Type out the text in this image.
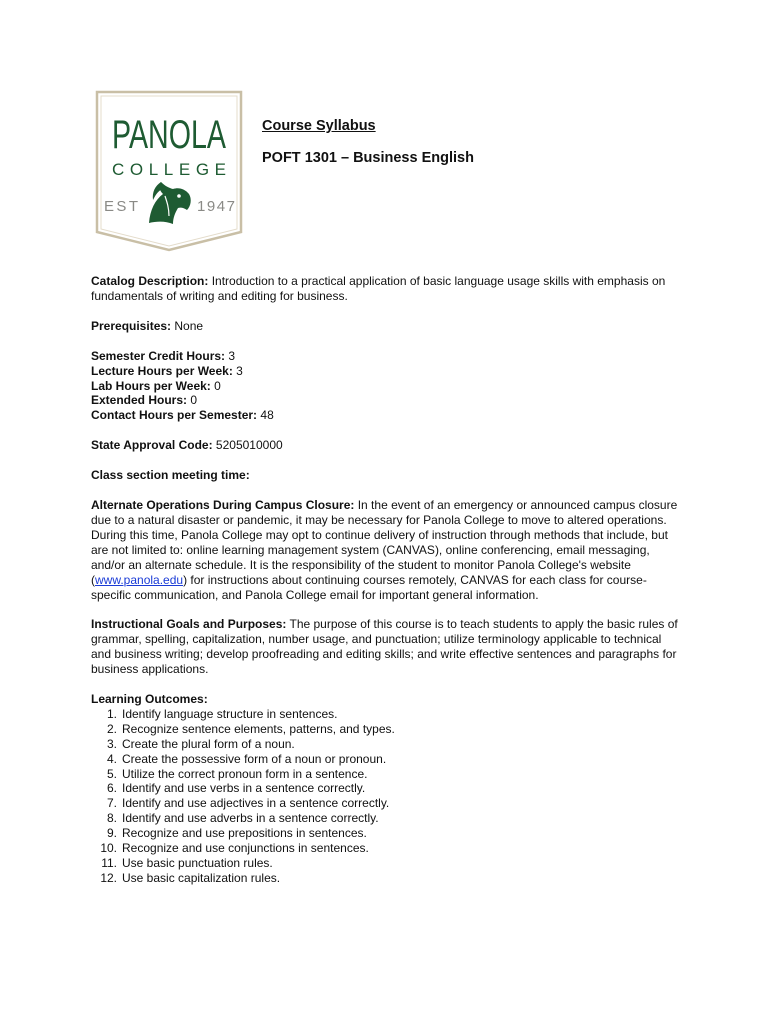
PANOLA
COLLEGE
EST	1947

Course Syllabus

POFT 1301 – Business English

Catalog Description: Introduction to a practical application of basic language usage skills with emphasis on fundamentals of writing and editing for business.

Prerequisites: None

Semester Credit Hours: 3
Lecture Hours per Week: 3
Lab Hours per Week: 0
Extended Hours: 0
Contact Hours per Semester: 48

State Approval Code: 5205010000

Class section meeting time:

Alternate Operations During Campus Closure: In the event of an emergency or announced campus closure due to a natural disaster or pandemic, it may be necessary for Panola College to move to altered operations. During this time, Panola College may opt to continue delivery of instruction through methods that include, but are not limited to: online learning management system (CANVAS), online conferencing, email messaging, and/or an alternate schedule. It is the responsibility of the student to monitor Panola College's website (www.panola.edu) for instructions about continuing courses remotely, CANVAS for each class for course-specific communication, and Panola College email for important general information.

Instructional Goals and Purposes: The purpose of this course is to teach students to apply the basic rules of grammar, spelling, capitalization, number usage, and punctuation; utilize terminology applicable to technical and business writing; develop proofreading and editing skills; and write effective sentences and paragraphs for business applications.

Learning Outcomes:
1. Identify language structure in sentences.
2. Recognize sentence elements, patterns, and types.
3. Create the plural form of a noun.
4. Create the possessive form of a noun or pronoun.
5. Utilize the correct pronoun form in a sentence.
6. Identify and use verbs in a sentence correctly.
7. Identify and use adjectives in a sentence correctly.
8. Identify and use adverbs in a sentence correctly.
9. Recognize and use prepositions in sentences.
10. Recognize and use conjunctions in sentences.
11. Use basic punctuation rules.
12. Use basic capitalization rules.
